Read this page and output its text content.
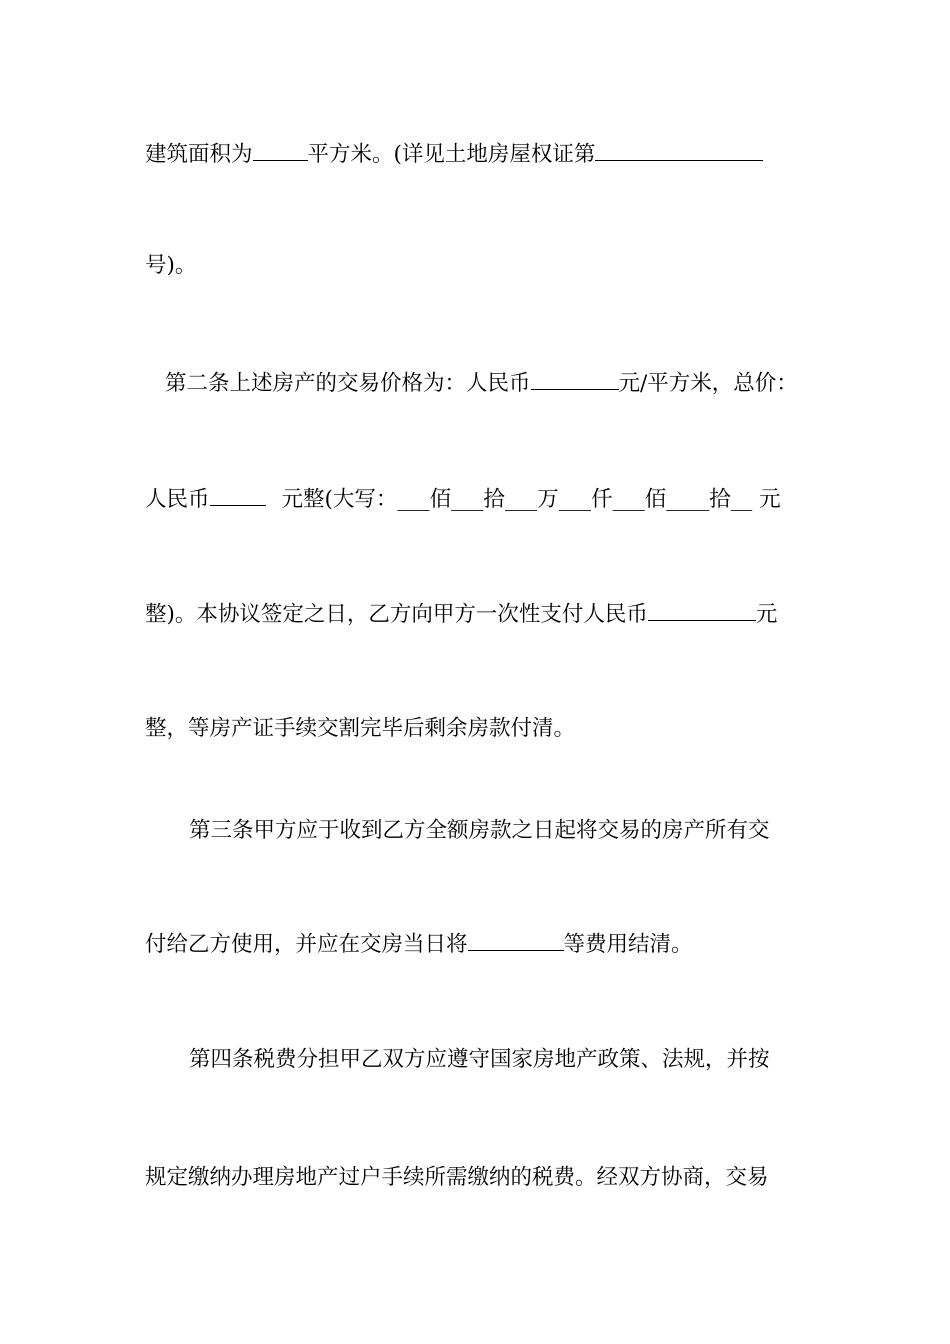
建筑面积为	平方米。(详见土地房屋权证第
号)。
第二条上述房产的交易价格为：人民币	元/平方米，总价：
人民币	元整(大写：___佰___拾___万___仟___佰____拾__ 元
整)。本协议签定之日，乙方向甲方一次性支付人民币	元
整，等房产证手续交割完毕后剩余房款付清。
第三条甲方应于收到乙方全额房款之日起将交易的房产所有交
付给乙方使用，并应在交房当日将	等费用结清。
第四条税费分担甲乙双方应遵守国家房地产政策、法规，并按
规定缴纳办理房地产过户手续所需缴纳的税费。经双方协商，交易
